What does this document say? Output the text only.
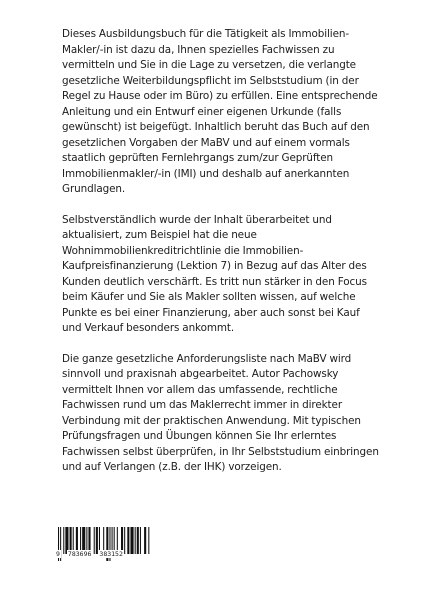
Dieses Ausbildungsbuch für die Tätigkeit als Immobilien-
Makler/-in ist dazu da, Ihnen spezielles Fachwissen zu
vermitteln und Sie in die Lage zu versetzen, die verlangte
gesetzliche Weiterbildungspflicht im Selbststudium (in der
Regel zu Hause oder im Büro) zu erfüllen. Eine entsprechende
Anleitung und ein Entwurf einer eigenen Urkunde (falls
gewünscht) ist beigefügt. Inhaltlich beruht das Buch auf den
gesetzlichen Vorgaben der MaBV und auf einem vormals
staatlich geprüften Fernlehrgangs zum/zur Geprüften
Immobilienmakler/-in (IMI) und deshalb auf anerkannten
Grundlagen.

Selbstverständlich wurde der Inhalt überarbeitet und
aktualisiert, zum Beispiel hat die neue
Wohnimmobilienkreditrichtlinie die Immobilien-
Kaufpreisfinanzierung (Lektion 7) in Bezug auf das Alter des
Kunden deutlich verschärft. Es tritt nun stärker in den Focus
beim Käufer und Sie als Makler sollten wissen, auf welche
Punkte es bei einer Finanzierung, aber auch sonst bei Kauf
und Verkauf besonders ankommt.

Die ganze gesetzliche Anforderungsliste nach MaBV wird
sinnvoll und praxisnah abgearbeitet. Autor Pachowsky
vermittelt Ihnen vor allem das umfassende, rechtliche
Fachwissen rund um das Maklerrecht immer in direkter
Verbindung mit der praktischen Anwendung. Mit typischen
Prüfungsfragen und Übungen können Sie Ihr erlerntes
Fachwissen selbst überprüfen, in Ihr Selbststudium einbringen
und auf Verlangen (z.B. der IHK) vorzeigen.

9 783696 383152
